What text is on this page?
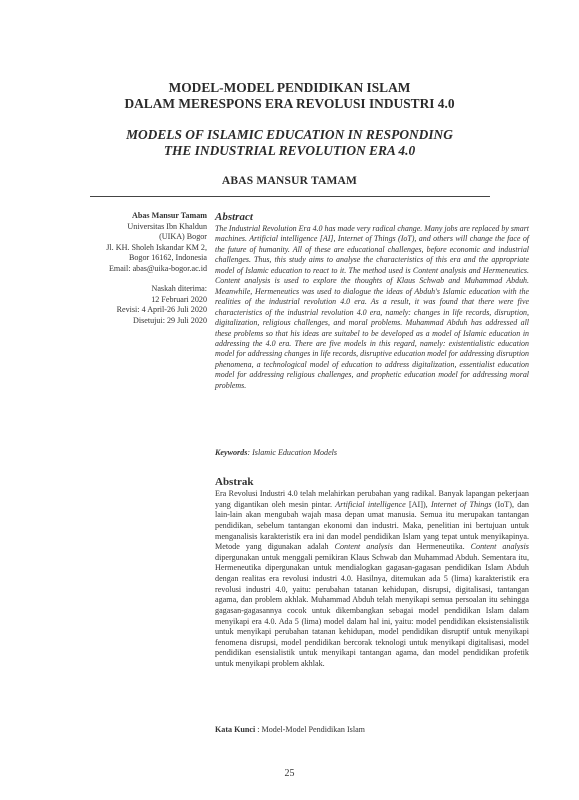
MODEL-MODEL PENDIDIKAN ISLAM
DALAM MERESPONS ERA REVOLUSI INDUSTRI 4.0
MODELS OF ISLAMIC EDUCATION IN RESPONDING
THE INDUSTRIAL REVOLUTION ERA 4.0
ABAS MANSUR TAMAM
Abas Mansur Tamam
Universitas Ibn Khaldun
(UIKA) Bogor
Jl. KH. Sholeh Iskandar KM 2,
Bogor 16162, Indonesia
Email: abas@uika-bogor.ac.id
Naskah diterima:
12 Februari 2020
Revisi: 4 April-26 Juli 2020
Disetujui: 29 Juli 2020
Abstract

The Industrial Revolution Era 4.0 has made very radical change. Many jobs are replaced by smart machines. Artificial intelligence [AI], Internet of Things (IoT), and others will change the face of the future of humanity. All of these are educational challenges, before economic and industrial challenges. Thus, this study aims to analyse the characteristics of this era and the appropriate model of Islamic education to react to it. The method used is Content analysis and Hermeneutics. Content analysis is used to explore the thoughts of Klaus Schwab and Muhammad Abduh. Meanwhile, Hermeneutics was used to dialogue the ideas of Abduh's Islamic education with the realities of the industrial revolution 4.0 era. As a result, it was found that there were five characteristics of the industrial revolution 4.0 era, namely: changes in life records, disruption, digitalization, religious challenges, and moral problems. Muhammad Abduh has addressed all these problems so that his ideas are suitabel to be developed as a model of Islamic education in addressing the 4.0 era. There are five models in this regard, namely: existentialistic education model for addressing changes in life records, disruptive education model for addressing disruption phenomena, a technological model of education to address digitalization, essentialist education model for addressing religious challenges, and prophetic education model for addressing moral problems.

Keywords: Islamic Education Models
Abstrak

Era Revolusi Industri 4.0 telah melahirkan perubahan yang radikal. Banyak lapangan pekerjaan yang digantikan oleh mesin pintar. Artificial intelligence [AI]), Internet of Things (IoT), dan lain-lain akan mengubah wajah masa depan umat manusia. Semua itu merupakan tantangan pendidikan, sebelum tantangan ekonomi dan industri. Maka, penelitian ini bertujuan untuk menganalisis karakteristik era ini dan model pendidikan Islam yang tepat untuk menyikapinya. Metode yang digunakan adalah Content analysis dan Hermeneutika. Content analysis dipergunakan untuk menggali pemikiran Klaus Schwab dan Muhammad Abduh. Sementara itu, Hermeneutika dipergunakan untuk mendialogkan gagasan-gagasan pendidikan Islam Abduh dengan realitas era revolusi industri 4.0. Hasilnya, ditemukan ada 5 (lima) karakteristik era revolusi industri 4.0, yaitu: perubahan tatanan kehidupan, disrupsi, digitalisasi, tantangan agama, dan problem akhlak. Muhammad Abduh telah menyikapi semua persoalan itu sehingga gagasan-gagasannya cocok untuk dikembangkan sebagai model pendidikan Islam dalam menyikapi era 4.0. Ada 5 (lima) model dalam hal ini, yaitu: model pendidikan eksistensialistik untuk menyikapi perubahan tatanan kehidupan, model pendidikan disruptif untuk menyikapi fenomena disrupsi, model pendidikan bercorak teknologi untuk menyikapi digitalisasi, model pendidikan esensialistik untuk menyikapi tantangan agama, dan model pendidikan profetik untuk menyikapi problem akhlak.

Kata Kunci : Model-Model Pendidikan Islam
25
